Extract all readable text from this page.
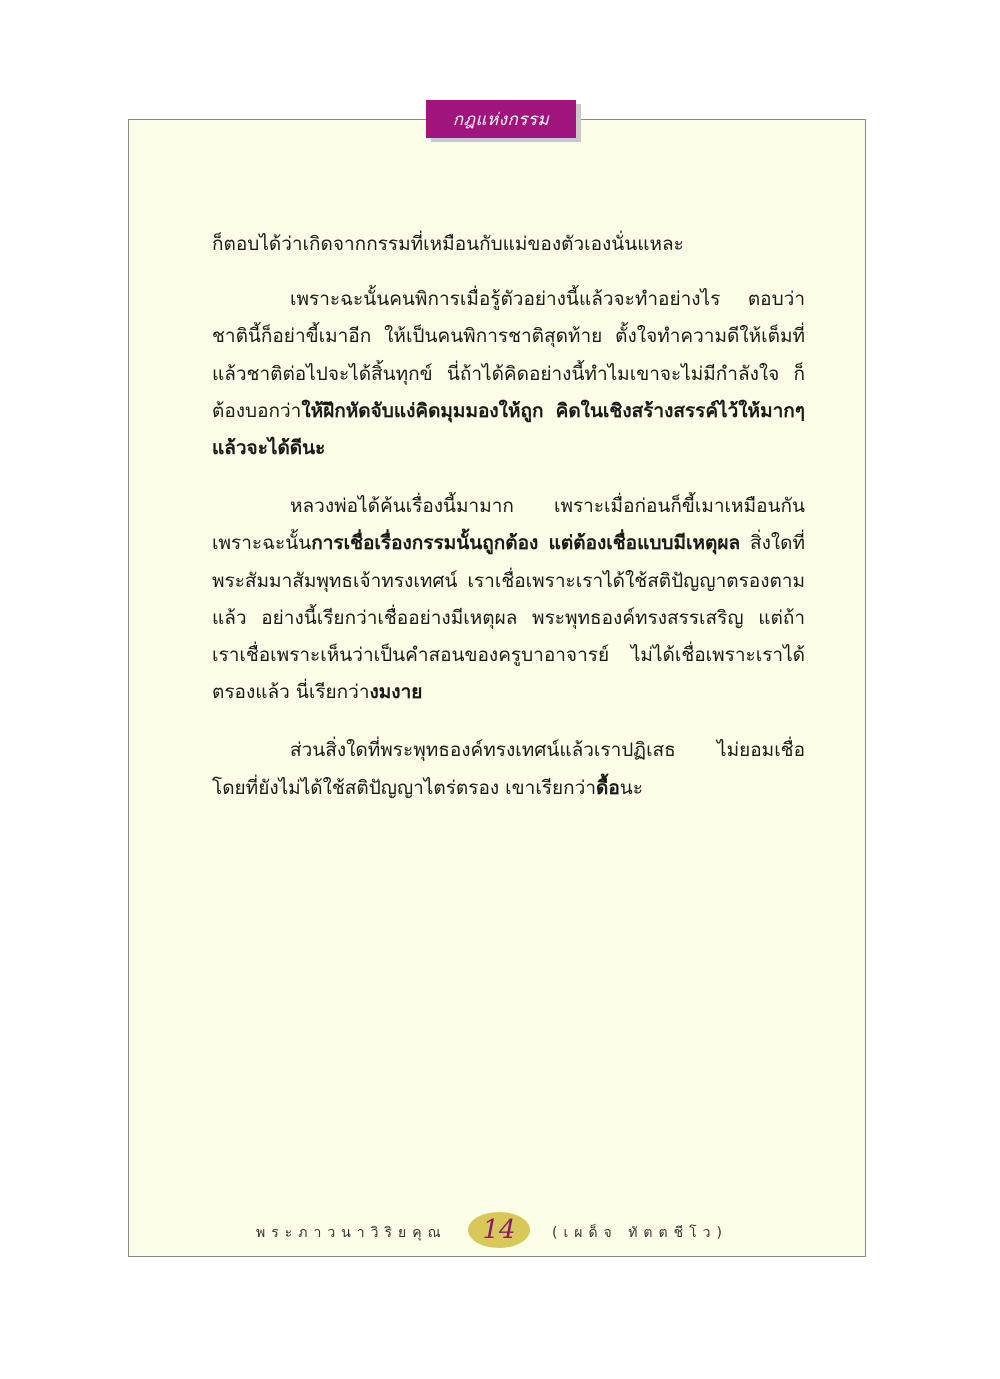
กฎแห่งกรรม

ก็ตอบได้ว่าเกิดจากกรรมที่เหมือนกับแม่ของตัวเองนั่นแหละ

เพราะฉะนั้นคนพิการเมื่อรู้ตัวอย่างนี้แล้วจะทำอย่างไร ตอบว่าชาตินี้ก็อย่าขี้เมาอีก ให้เป็นคนพิการชาติสุดท้าย ตั้งใจทำความดีให้เต็มที่ แล้วชาติต่อไปจะได้สิ้นทุกข์ นี่ถ้าได้คิดอย่างนี้ทำไมเขาจะไม่มีกำลังใจ ก็ต้องบอกว่าให้ฝึกหัดจับแง่คิดมุมมองให้ถูก คิดในเชิงสร้างสรรค์ไว้ให้มากๆ แล้วจะได้ดีนะ

หลวงพ่อได้ค้นเรื่องนี้มามาก เพราะเมื่อก่อนก็ขี้เมาเหมือนกัน เพราะฉะนั้นการเชื่อเรื่องกรรมนั้นถูกต้อง แต่ต้องเชื่อแบบมีเหตุผล สิ่งใดที่พระสัมมาสัมพุทธเจ้าทรงเทศน์ เราเชื่อเพราะเราได้ใช้สติปัญญาตรองตามแล้ว อย่างนี้เรียกว่าเชื่ออย่างมีเหตุผล พระพุทธองค์ทรงสรรเสริญ แต่ถ้าเราเชื่อเพราะเห็นว่าเป็นคำสอนของครูบาอาจารย์ ไม่ได้เชื่อเพราะเราได้ตรองแล้ว นี่เรียกว่างมงาย

ส่วนสิ่งใดที่พระพุทธองค์ทรงเทศน์แล้วเราปฏิเสธ ไม่ยอมเชื่อโดยที่ยังไม่ได้ใช้สติปัญญาไตร่ตรอง เขาเรียกว่าดื้อนะ

พระภาวนาวิริยคุณ 14	(เผด็จ ทัตตชีโว)
